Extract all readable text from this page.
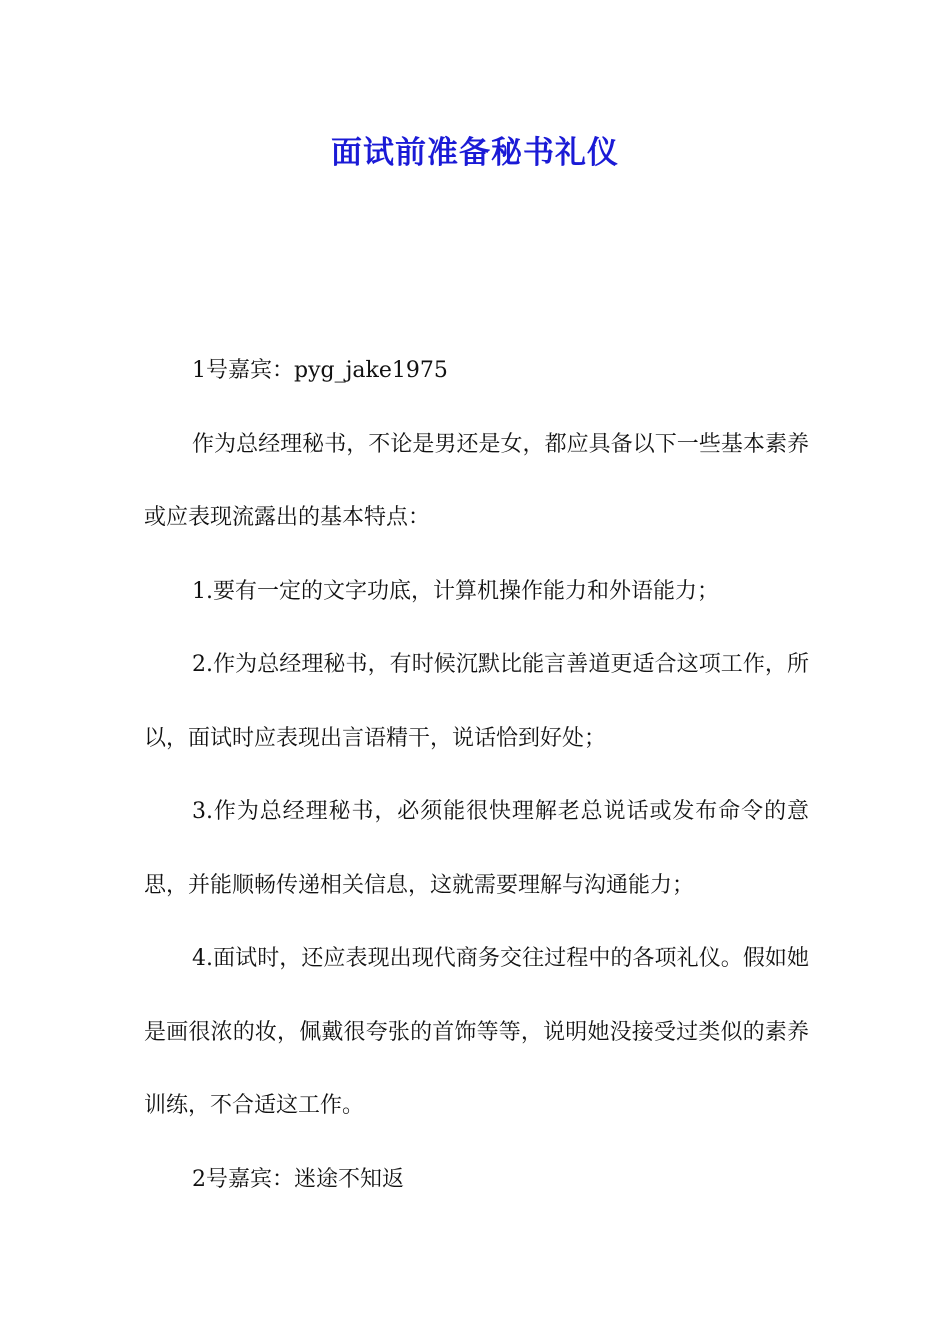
面试前准备秘书礼仪

1号嘉宾：pyg_jake1975

作为总经理秘书，不论是男还是女，都应具备以下一些基本素养或应表现流露出的基本特点：

1.要有一定的文字功底，计算机操作能力和外语能力；

2.作为总经理秘书，有时候沉默比能言善道更适合这项工作，所以，面试时应表现出言语精干，说话恰到好处；

3.作为总经理秘书，必须能很快理解老总说话或发布命令的意思，并能顺畅传递相关信息，这就需要理解与沟通能力；

4.面试时，还应表现出现代商务交往过程中的各项礼仪。假如她是画很浓的妆，佩戴很夸张的首饰等等，说明她没接受过类似的素养训练，不合适这工作。

2号嘉宾：迷途不知返
